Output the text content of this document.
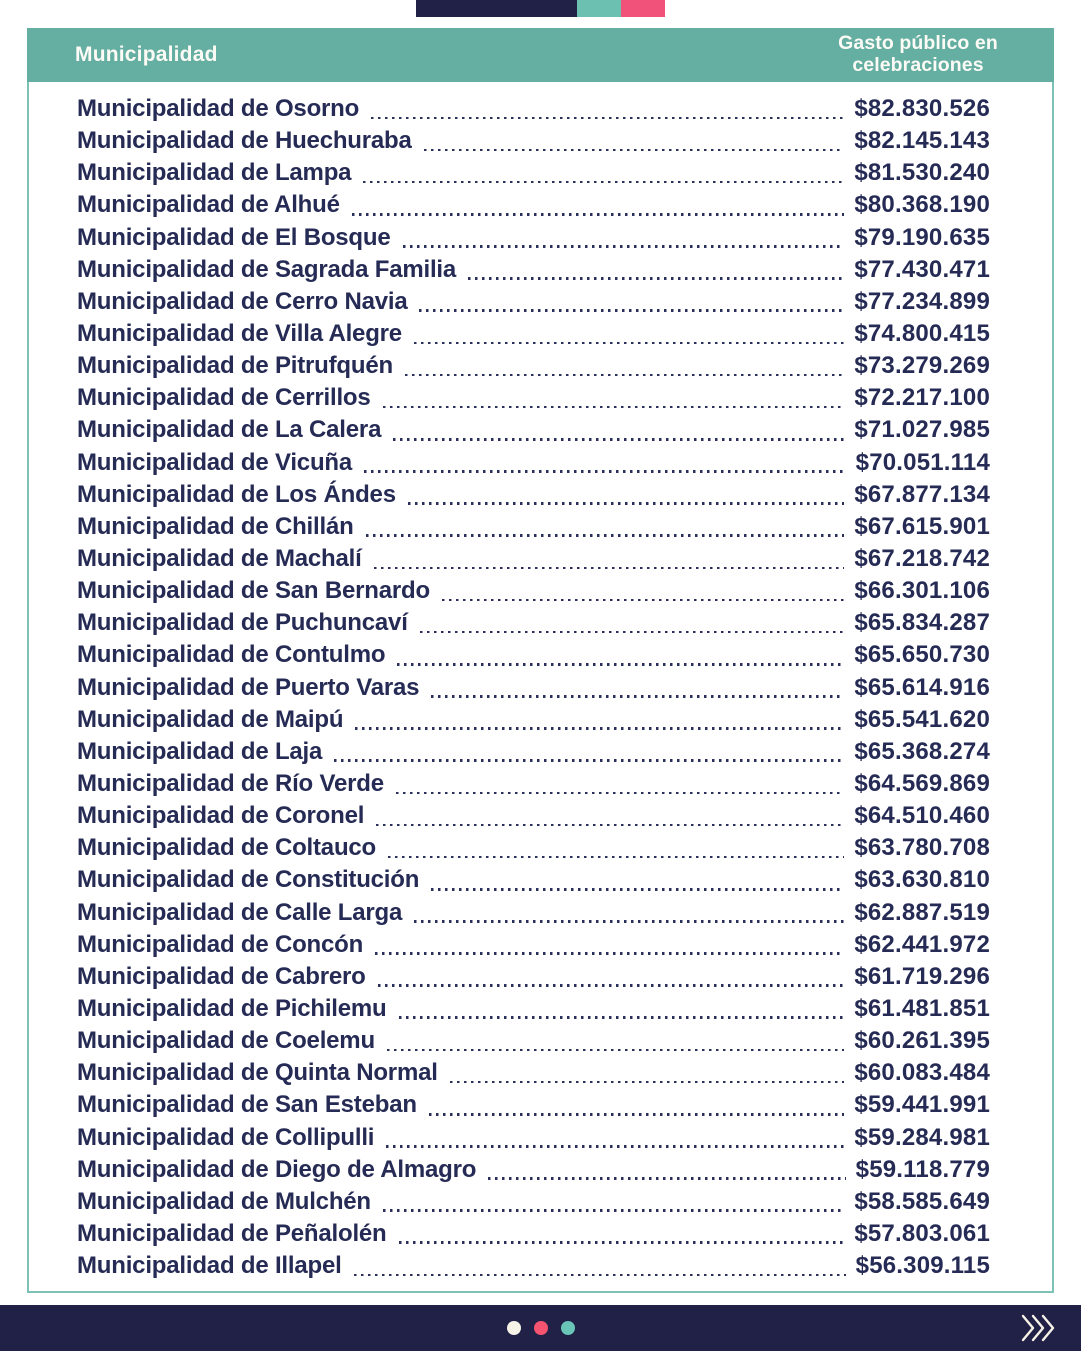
Municipalidad	Gasto público en celebraciones
Municipalidad de Osorno	$82.830.526
Municipalidad de Huechuraba	$82.145.143
Municipalidad de Lampa	$81.530.240
Municipalidad de Alhué	$80.368.190
Municipalidad de El Bosque	$79.190.635
Municipalidad de Sagrada Familia	$77.430.471
Municipalidad de Cerro Navia	$77.234.899
Municipalidad de Villa Alegre	$74.800.415
Municipalidad de Pitrufquén	$73.279.269
Municipalidad de Cerrillos	$72.217.100
Municipalidad de La Calera	$71.027.985
Municipalidad de Vicuña	$70.051.114
Municipalidad de Los Ándes	$67.877.134
Municipalidad de Chillán	$67.615.901
Municipalidad de Machalí	$67.218.742
Municipalidad de San Bernardo	$66.301.106
Municipalidad de Puchuncaví	$65.834.287
Municipalidad de Contulmo	$65.650.730
Municipalidad de Puerto Varas	$65.614.916
Municipalidad de Maipú	$65.541.620
Municipalidad de Laja	$65.368.274
Municipalidad de Río Verde	$64.569.869
Municipalidad de Coronel	$64.510.460
Municipalidad de Coltauco	$63.780.708
Municipalidad de Constitución	$63.630.810
Municipalidad de Calle Larga	$62.887.519
Municipalidad de Concón	$62.441.972
Municipalidad de Cabrero	$61.719.296
Municipalidad de Pichilemu	$61.481.851
Municipalidad de Coelemu	$60.261.395
Municipalidad de Quinta Normal	$60.083.484
Municipalidad de San Esteban	$59.441.991
Municipalidad de Collipulli	$59.284.981
Municipalidad de Diego de Almagro	$59.118.779
Municipalidad de Mulchén	$58.585.649
Municipalidad de Peñalolén	$57.803.061
Municipalidad de Illapel	$56.309.115
